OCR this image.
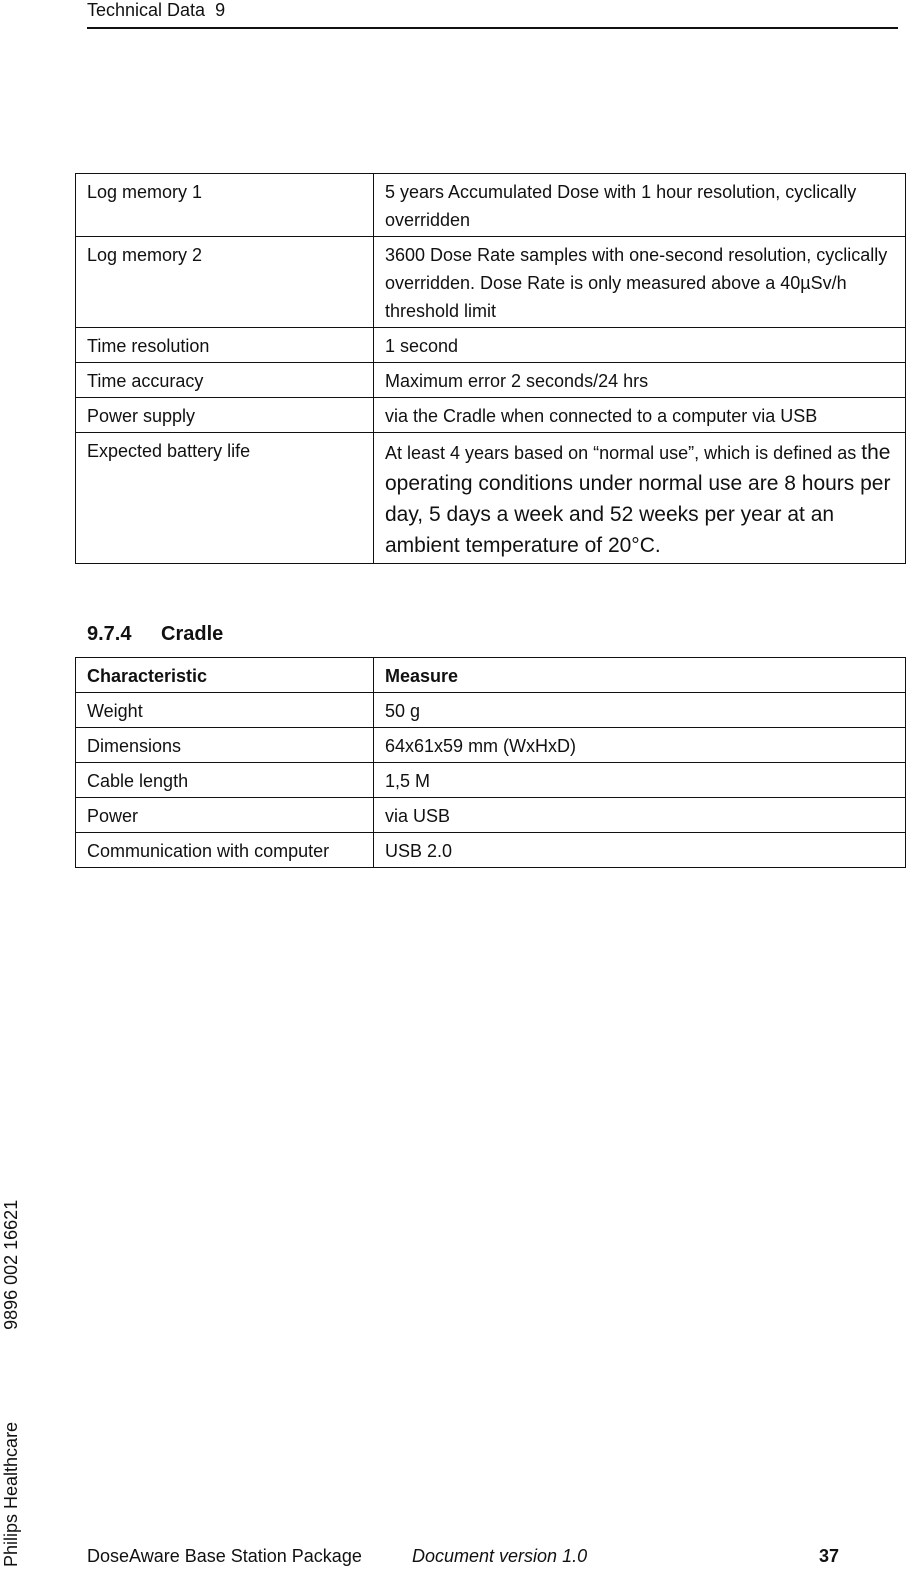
Technical Data 9
Log memory 1	5 years Accumulated Dose with 1 hour resolution, cyclically overridden
Log memory 2	3600 Dose Rate samples with one-second resolution, cyclically overridden. Dose Rate is only measured above a 40µSv/h threshold limit
Time resolution	1 second
Time accuracy	Maximum error 2 seconds/24 hrs
Power supply	via the Cradle when connected to a computer via USB
Expected battery life	At least 4 years based on “normal use”, which is defined as the operating conditions under normal use are 8 hours per day, 5 days a week and 52 weeks per year at an ambient temperature of 20°C.
9.7.4 Cradle
Characteristic	Measure
Weight	50 g
Dimensions	64x61x59 mm (WxHxD)
Cable length	1,5 M
Power	via USB
Communication with computer	USB 2.0
Philips Healthcare9896 002 16621
DoseAware Base Station Package	Document version 1.0	37
